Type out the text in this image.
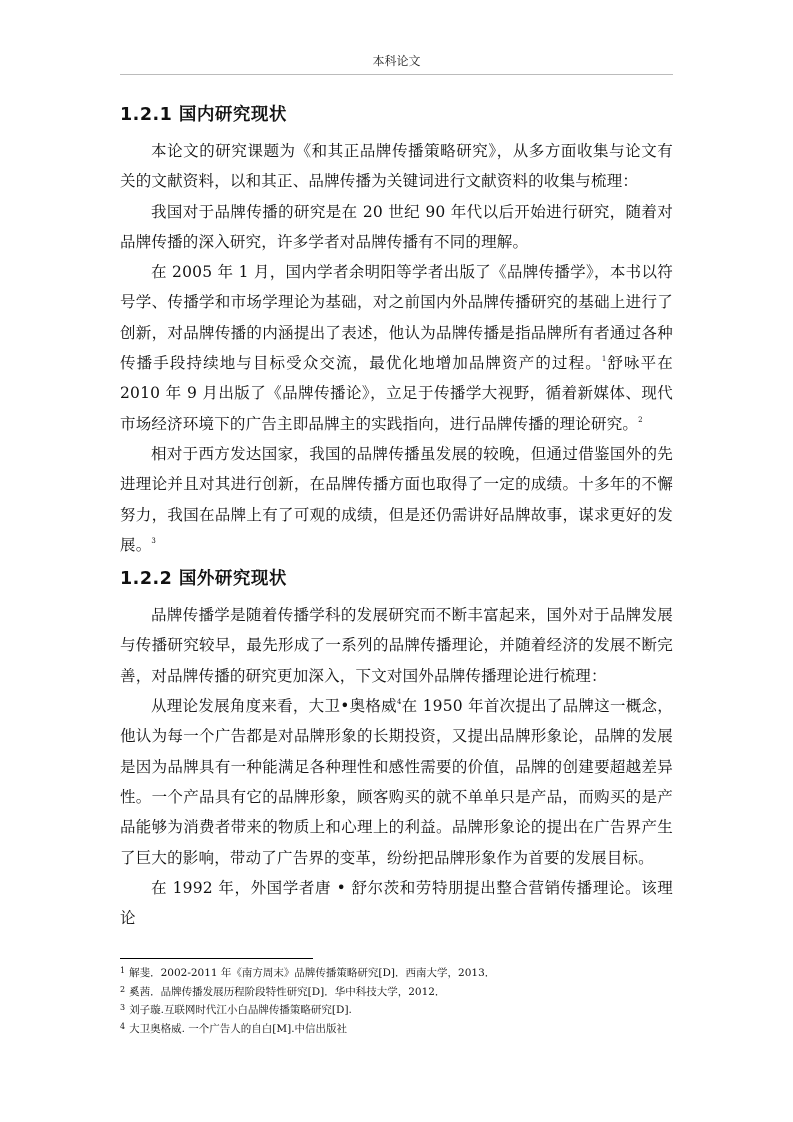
本科论文
1.2.1 国内研究现状

本论文的研究课题为《和其正品牌传播策略研究》，从多方面收集与论文有关的文献资料，以和其正、品牌传播为关键词进行文献资料的收集与梳理：

我国对于品牌传播的研究是在 20 世纪 90 年代以后开始进行研究，随着对品牌传播的深入研究，许多学者对品牌传播有不同的理解。

在 2005 年 1 月，国内学者余明阳等学者出版了《品牌传播学》，本书以符号学、传播学和市场学理论为基础，对之前国内外品牌传播研究的基础上进行了创新，对品牌传播的内涵提出了表述，他认为品牌传播是指品牌所有者通过各种传播手段持续地与目标受众交流，最优化地增加品牌资产的过程。$^1$舒咏平在 2010 年 9 月出版了《品牌传播论》，立足于传播学大视野，循着新媒体、现代市场经济环境下的广告主即品牌主的实践指向，进行品牌传播的理论研究。$^2$

相对于西方发达国家，我国的品牌传播虽发展的较晚，但通过借鉴国外的先进理论并且对其进行创新，在品牌传播方面也取得了一定的成绩。十多年的不懈努力，我国在品牌上有了可观的成绩，但是还仍需讲好品牌故事，谋求更好的发展。$^3$

1.2.2 国外研究现状

品牌传播学是随着传播学科的发展研究而不断丰富起来，国外对于品牌发展与传播研究较早，最先形成了一系列的品牌传播理论，并随着经济的发展不断完善，对品牌传播的研究更加深入，下文对国外品牌传播理论进行梳理：

从理论发展角度来看，大卫•奥格威$^4$在 1950 年首次提出了品牌这一概念，他认为每一个广告都是对品牌形象的长期投资，又提出品牌形象论，品牌的发展是因为品牌具有一种能满足各种理性和感性需要的价值，品牌的创建要超越差异性。一个产品具有它的品牌形象，顾客购买的就不单单只是产品，而购买的是产品能够为消费者带来的物质上和心理上的利益。品牌形象论的提出在广告界产生了巨大的影响，带动了广告界的变革，纷纷把品牌形象作为首要的发展目标。

在 1992 年，外国学者唐 • 舒尔茨和劳特朋提出整合营销传播理论。该理论

$^1$ 解斐．2002-2011 年《南方周末》品牌传播策略研究[D]．西南大学，2013．
$^2$ 奚茜．品牌传播发展历程阶段特性研究[D]．华中科技大学，2012．
$^3$ 刘子璇.互联网时代江小白品牌传播策略研究[D].
$^4$ 大卫奥格威. 一个广告人的自白[M].中信出版社
